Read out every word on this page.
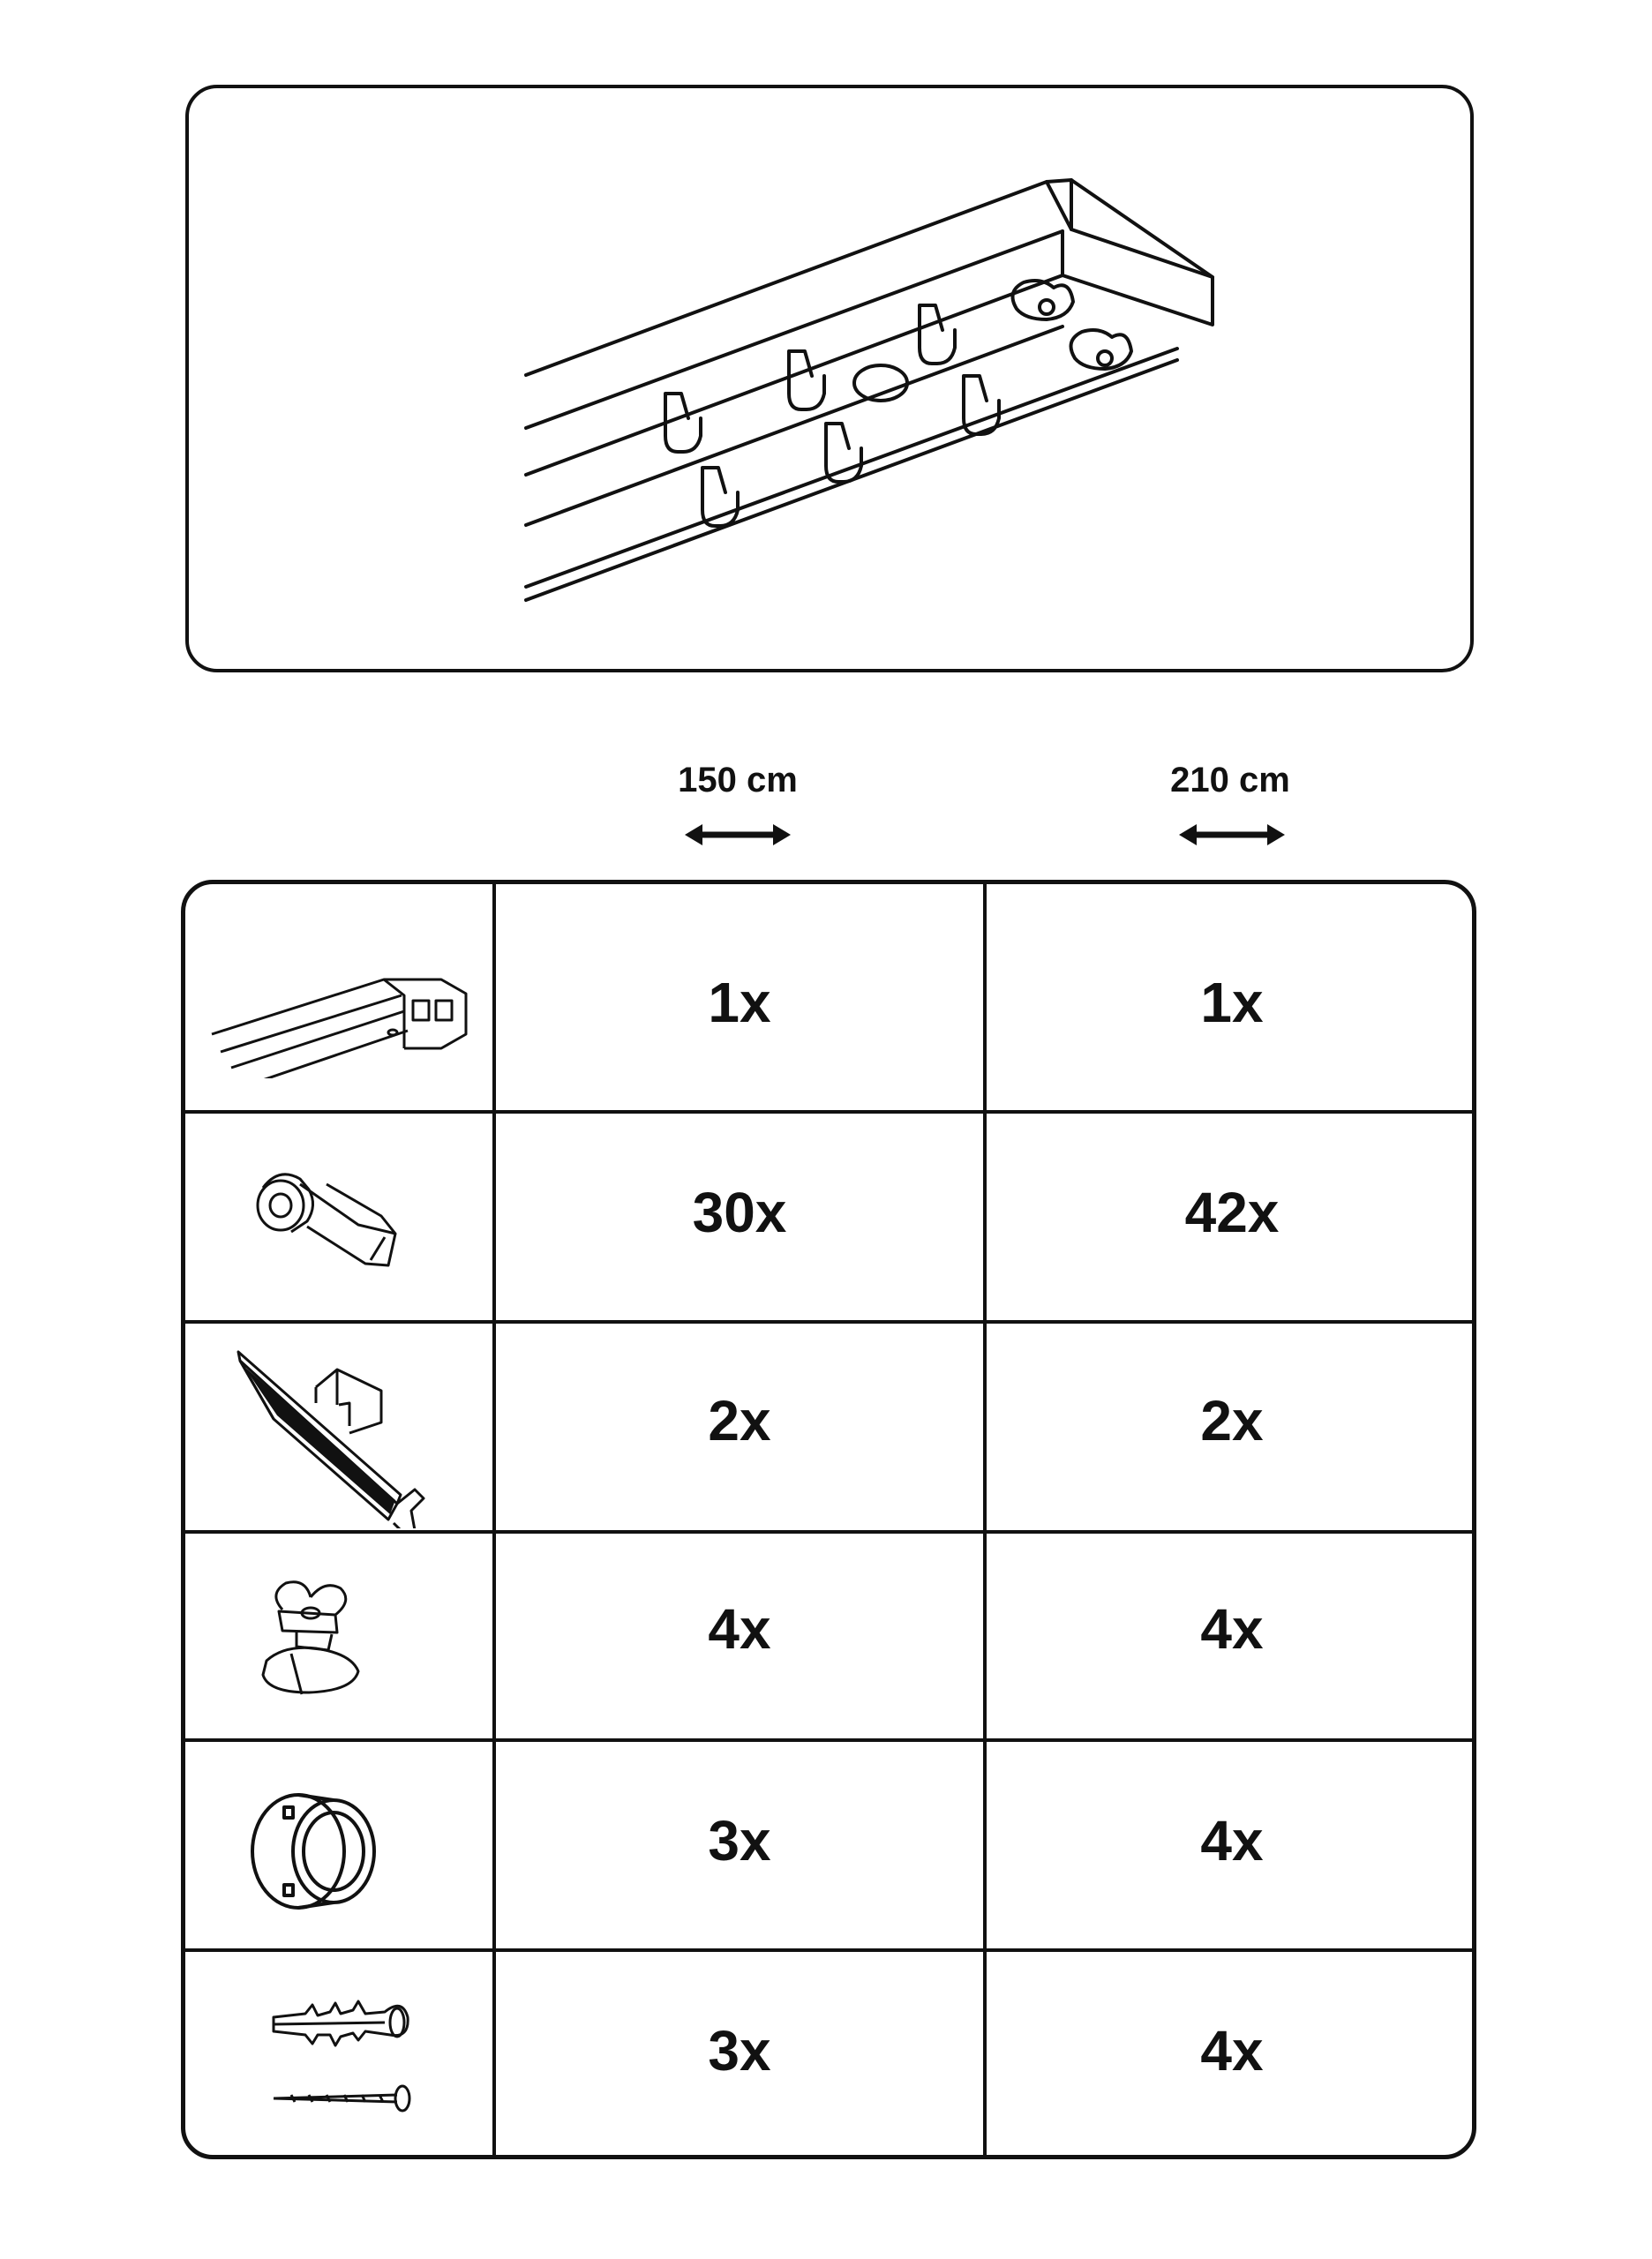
150 cm	210 cm
1x	1x
30x	42x
2x	2x
4x	4x
3x	4x
3x	4x
